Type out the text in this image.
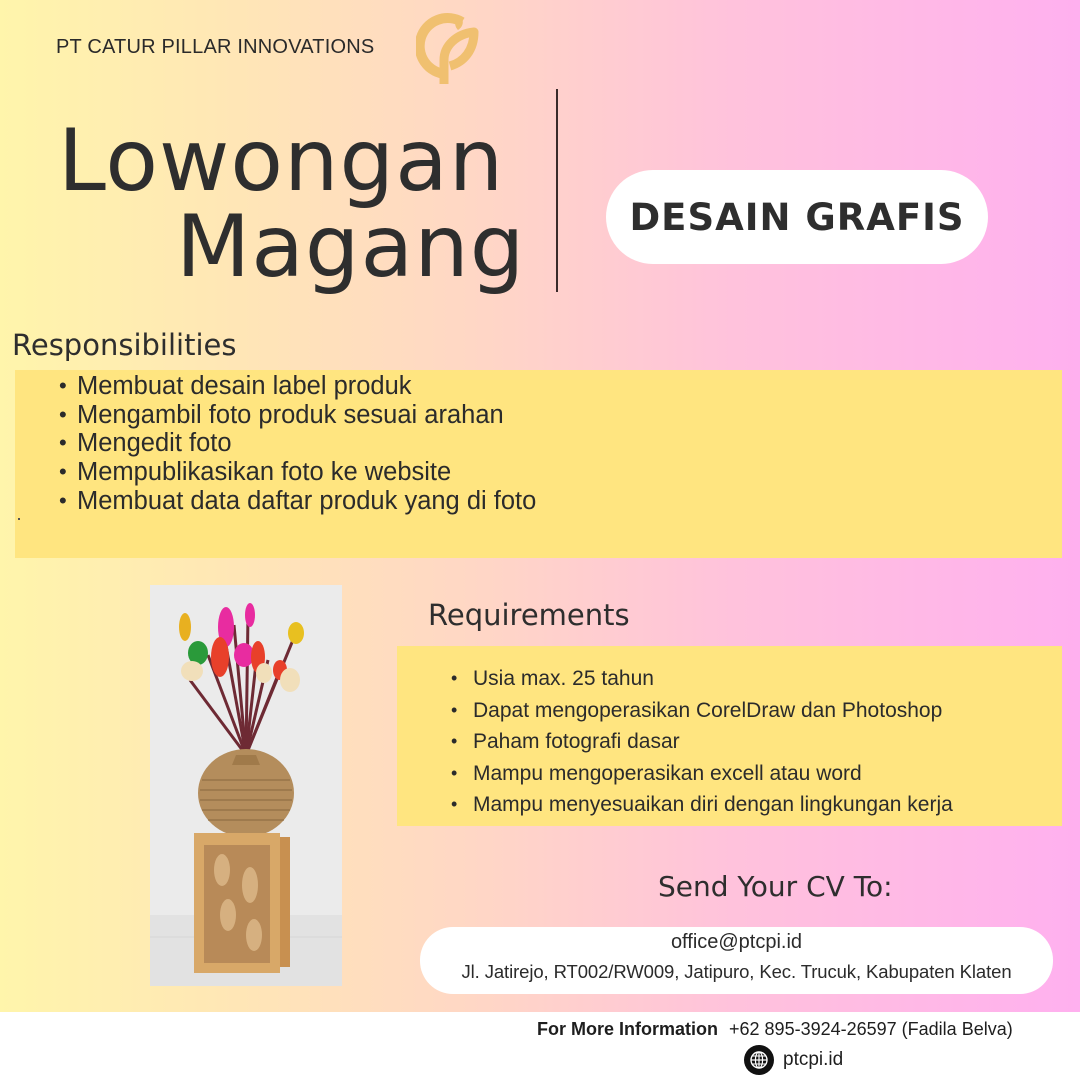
PT CATUR PILLAR INNOVATIONS
Lowongan
Magang	DESAIN GRAFIS
Responsibilities
• Membuat desain label produk
• Mengambil foto produk sesuai arahan
• Mengedit foto
• Mempublikasikan foto ke website
• Membuat data daftar produk yang di foto
Requirements
• Usia max. 25 tahun
• Dapat mengoperasikan CorelDraw dan Photoshop
• Paham fotografi dasar
• Mampu mengoperasikan excell atau word
• Mampu menyesuaikan diri dengan lingkungan kerja
Send Your CV To:
office@ptcpi.id
Jl. Jatirejo, RT002/RW009, Jatipuro, Kec. Trucuk, Kabupaten Klaten
For More Information +62 895-3924-26597 (Fadila Belva)
ptcpi.id
